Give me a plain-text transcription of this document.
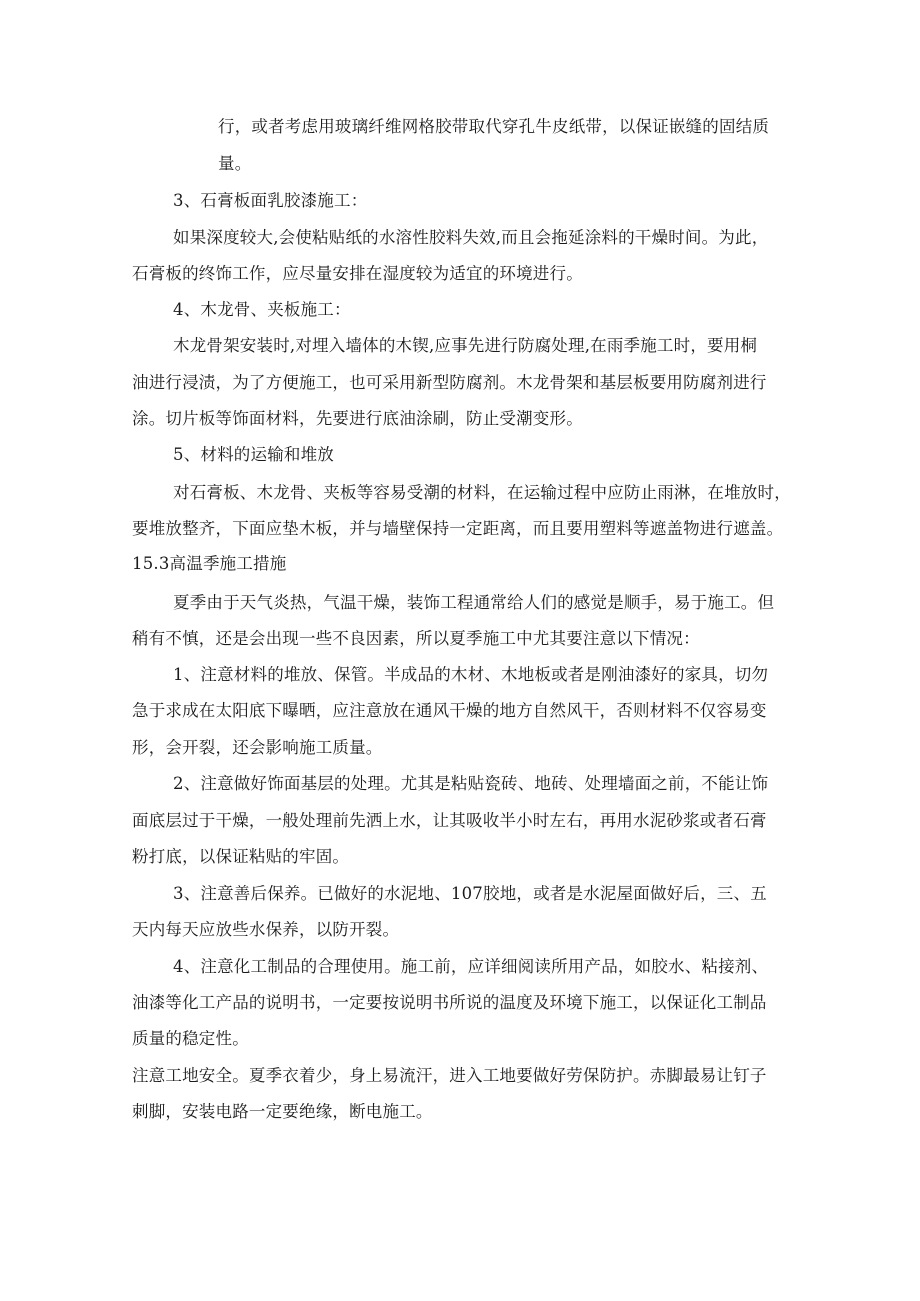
行，或者考虑用玻璃纤维网格胶带取代穿孔牛皮纸带，以保证嵌缝的固结质
量。
3、石膏板面乳胶漆施工：
如果深度较大,会使粘贴纸的水溶性胶料失效,而且会拖延涂料的干燥时间。为此，
石膏板的终饰工作，应尽量安排在湿度较为适宜的环境进行。
4、木龙骨、夹板施工：
木龙骨架安装时,对埋入墙体的木锲,应事先进行防腐处理,在雨季施工时，要用桐
油进行浸渍，为了方便施工，也可采用新型防腐剂。木龙骨架和基层板要用防腐剂进行
涂。切片板等饰面材料，先要进行底油涂刷，防止受潮变形。
5、材料的运输和堆放
对石膏板、木龙骨、夹板等容易受潮的材料，在运输过程中应防止雨淋，在堆放时，
要堆放整齐，下面应垫木板，并与墙壁保持一定距离，而且要用塑料等遮盖物进行遮盖。
15.3高温季施工措施
夏季由于天气炎热，气温干燥，装饰工程通常给人们的感觉是顺手，易于施工。但
稍有不慎，还是会出现一些不良因素，所以夏季施工中尤其要注意以下情况：
1、注意材料的堆放、保管。半成品的木材、木地板或者是刚油漆好的家具，切勿
急于求成在太阳底下曝晒，应注意放在通风干燥的地方自然风干，否则材料不仅容易变
形，会开裂，还会影响施工质量。
2、注意做好饰面基层的处理。尤其是粘贴瓷砖、地砖、处理墙面之前，不能让饰
面底层过于干燥，一般处理前先洒上水，让其吸收半小时左右，再用水泥砂浆或者石膏
粉打底，以保证粘贴的牢固。
3、注意善后保养。已做好的水泥地、107胶地，或者是水泥屋面做好后，三、五
天内每天应放些水保养，以防开裂。
4、注意化工制品的合理使用。施工前，应详细阅读所用产品，如胶水、粘接剂、
油漆等化工产品的说明书，一定要按说明书所说的温度及环境下施工，以保证化工制品
质量的稳定性。
注意工地安全。夏季衣着少，身上易流汗，进入工地要做好劳保防护。赤脚最易让钉子
刺脚，安装电路一定要绝缘，断电施工。
